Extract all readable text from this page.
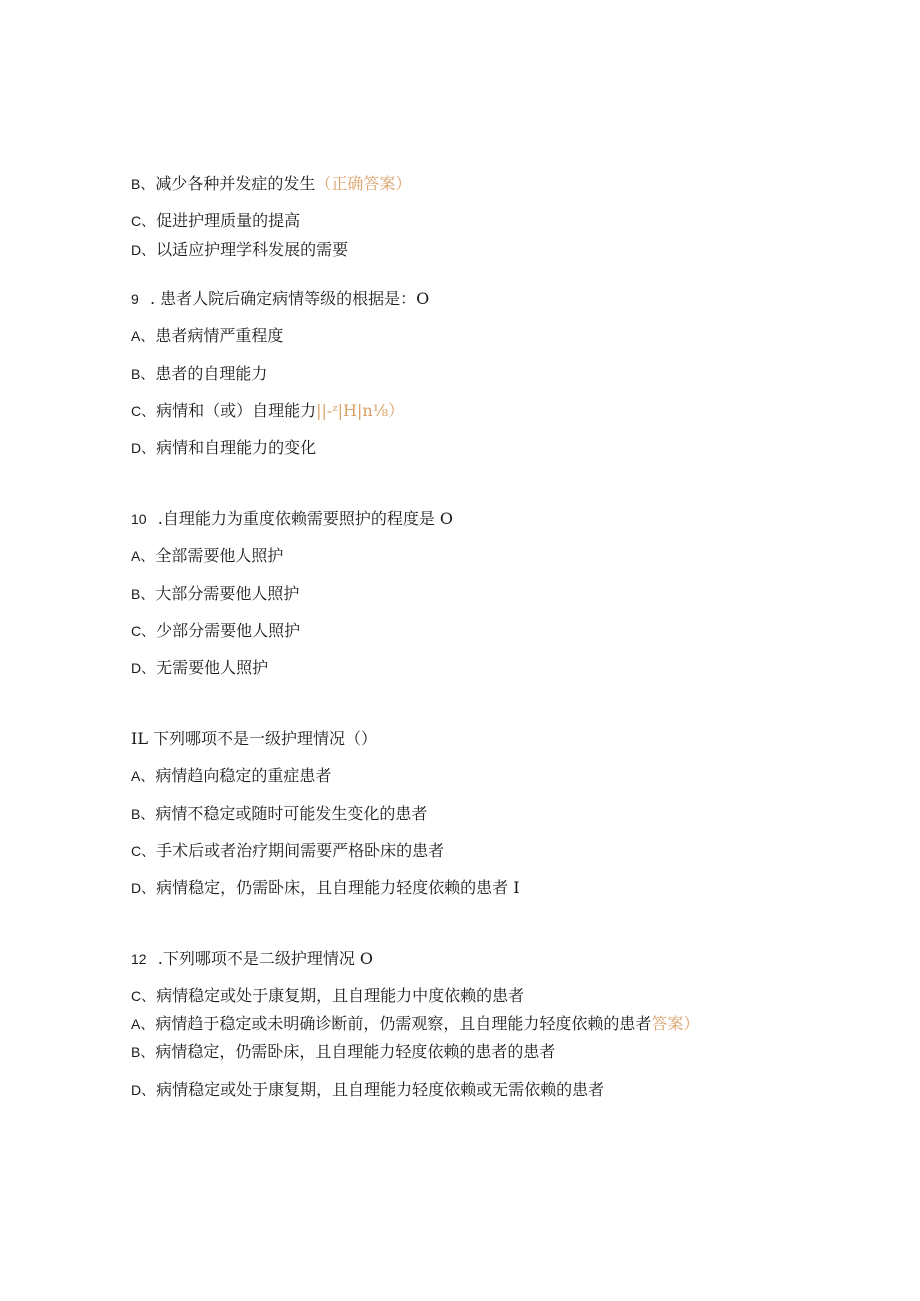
B、减少各种并发症的发生（正确答案）
C、促进护理质量的提高
D、以适应护理学科发展的需要
9  . 患者人院后确定病情等级的根据是：O
A、患者病情严重程度
B、患者的自理能力
C、病情和（或）自理能力||-ᶻ|H|n⅛）
D、病情和自理能力的变化
10  .自理能力为重度依赖需要照护的程度是 O
A、全部需要他人照护
B、大部分需要他人照护
C、少部分需要他人照护
D、无需要他人照护
IL 下列哪项不是一级护理情况（）
A、病情趋向稳定的重症患者
B、病情不稳定或随时可能发生变化的患者
C、手术后或者治疗期间需要严格卧床的患者
D、病情稳定，仍需卧床，且自理能力轻度依赖的患者 I
12  .下列哪项不是二级护理情况 O
C、病情稳定或处于康复期，且自理能力中度依赖的患者
A、病情趋于稳定或未明确诊断前，仍需观察，且自理能力轻度依赖的患者答案）
B、病情稳定，仍需卧床，且自理能力轻度依赖的患者的患者
D、病情稳定或处于康复期，且自理能力轻度依赖或无需依赖的患者
